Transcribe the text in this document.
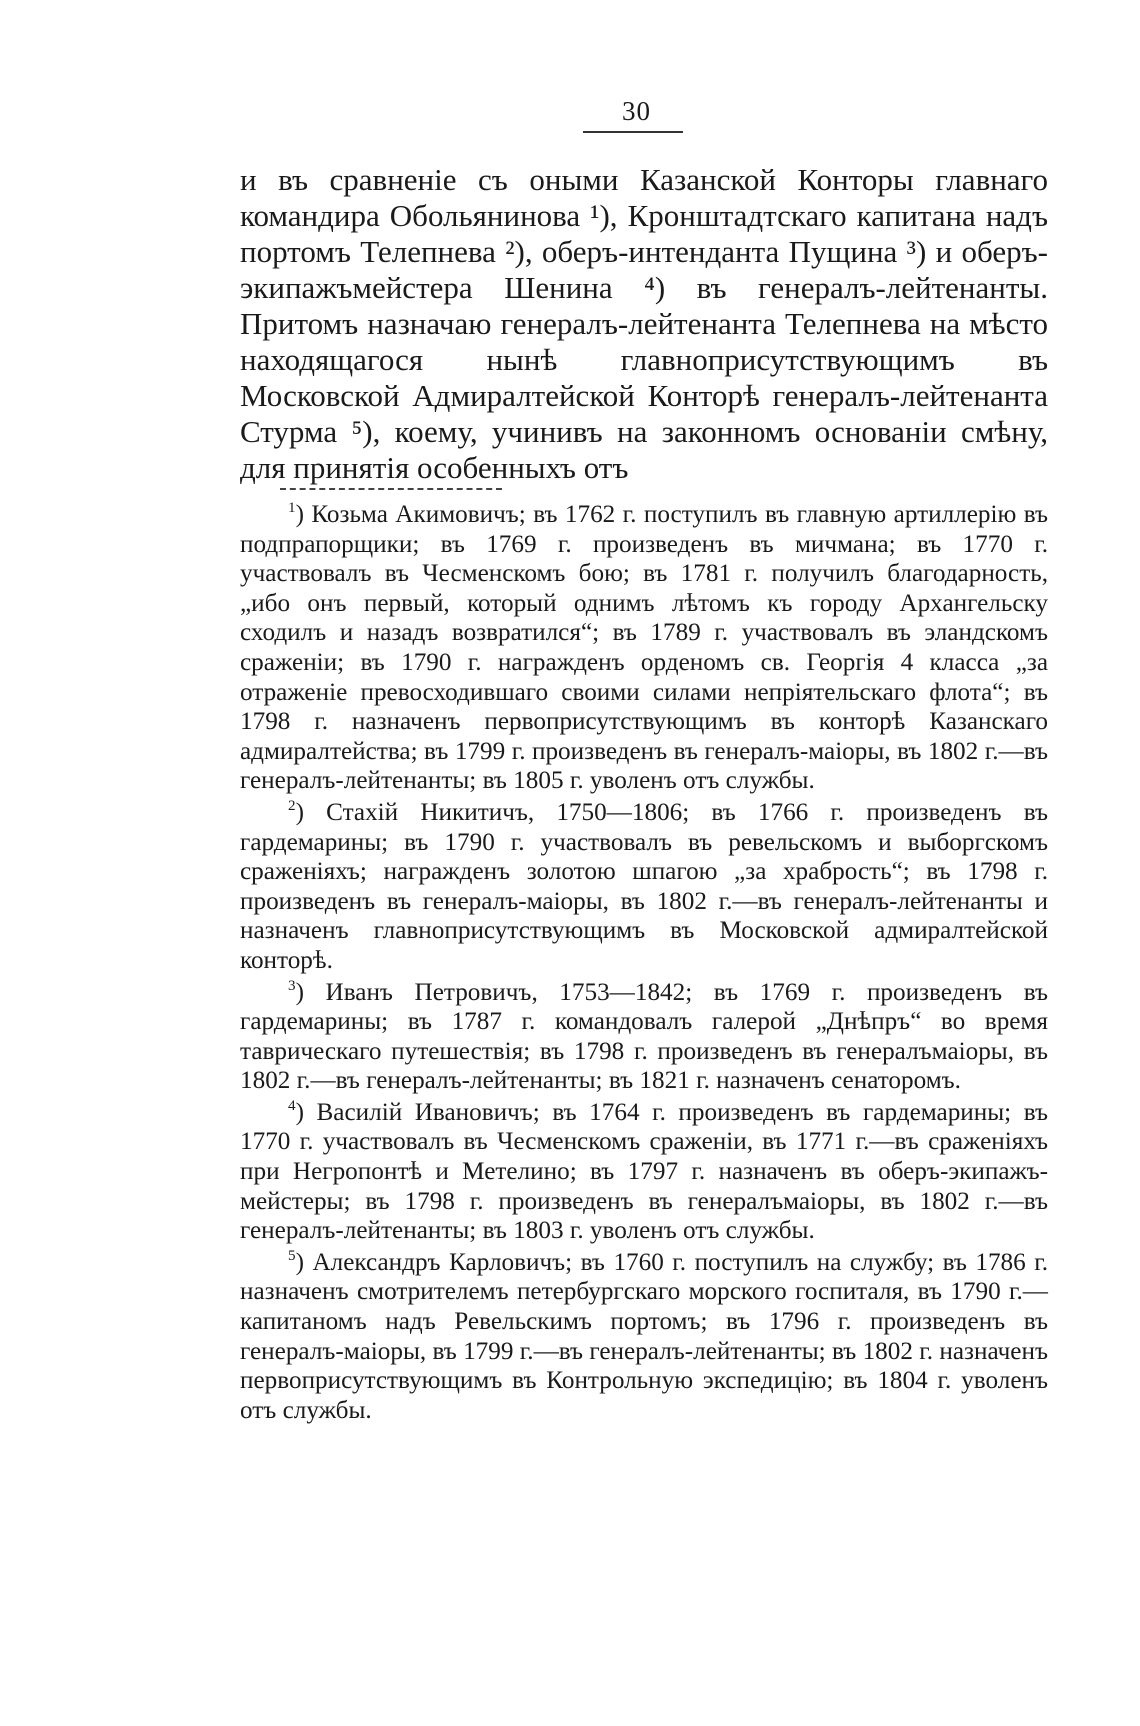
30

и въ сравненіе съ оными Казанской Конторы главнаго командира Обольянинова ¹), Кронштадтскаго капитана надъ портомъ Телепнева ²), оберъ-интенданта Пущина ³) и оберъ-экипажъмейстера Шенина ⁴) въ генералъ-лейтенанты. Притомъ назначаю генералъ-лейтенанта Телепнева на мѣсто находящагося нынѣ главноприсутствующимъ въ Московской Адмиралтейской Конторѣ генералъ-лейтенанта Стурма ⁵), коему, учинивъ на законномъ основаніи смѣну, для принятія особенныхъ отъ

$^1$) Козьма Акимовичъ; въ 1762 г. поступилъ въ главную артиллерію въ подпрапорщики; въ 1769 г. произведенъ въ мичмана; въ 1770 г. участвовалъ въ Чесменскомъ бою; въ 1781 г. получилъ благодарность, „ибо онъ первый, который однимъ лѣтомъ къ городу Архангельску сходилъ и назадъ возвратился“; въ 1789 г. участвовалъ въ эландскомъ сраженіи; въ 1790 г. награжденъ орденомъ св. Георгія 4 класса „за отраженіе превосходившаго своими силами непріятельскаго флота“; въ 1798 г. назначенъ первоприсутствующимъ въ конторѣ Казанскаго адмиралтейства; въ 1799 г. произведенъ въ генералъ-маіоры, въ 1802 г.—въ генералъ-лейтенанты; въ 1805 г. уволенъ отъ службы.

$^2$) Стахій Никитичъ, 1750—1806; въ 1766 г. произведенъ въ гардемарины; въ 1790 г. участвовалъ въ ревельскомъ и выборгскомъ сраженіяхъ; награжденъ золотою шпагою „за храбрость“; въ 1798 г. произведенъ въ генералъ-маіоры, въ 1802 г.—въ генералъ-лейтенанты и назначенъ главноприсутствующимъ въ Московской адмиралтейской конторѣ.

$^3$) Иванъ Петровичъ, 1753—1842; въ 1769 г. произведенъ въ гардемарины; въ 1787 г. командовалъ галерой „Днѣпръ“ во время таврическаго путешествія; въ 1798 г. произведенъ въ генералъмаіоры, въ 1802 г.—въ генералъ-лейтенанты; въ 1821 г. назначенъ сенаторомъ.

$^4$) Василій Ивановичъ; въ 1764 г. произведенъ въ гардемарины; въ 1770 г. участвовалъ въ Чесменскомъ сраженіи, въ 1771 г.—въ сраженіяхъ при Негропонтѣ и Метелино; въ 1797 г. назначенъ въ оберъ-экипажъ-мейстеры; въ 1798 г. произведенъ въ генералъмаіоры, въ 1802 г.—въ генералъ-лейтенанты; въ 1803 г. уволенъ отъ службы.

$^5$) Александръ Карловичъ; въ 1760 г. поступилъ на службу; въ 1786 г. назначенъ смотрителемъ петербургскаго морского госпиталя, въ 1790 г.—капитаномъ надъ Ревельскимъ портомъ; въ 1796 г. произведенъ въ генералъ-маіоры, въ 1799 г.—въ генералъ-лейтенанты; въ 1802 г. назначенъ первоприсутствующимъ въ Контрольную экспедицію; въ 1804 г. уволенъ отъ службы.
